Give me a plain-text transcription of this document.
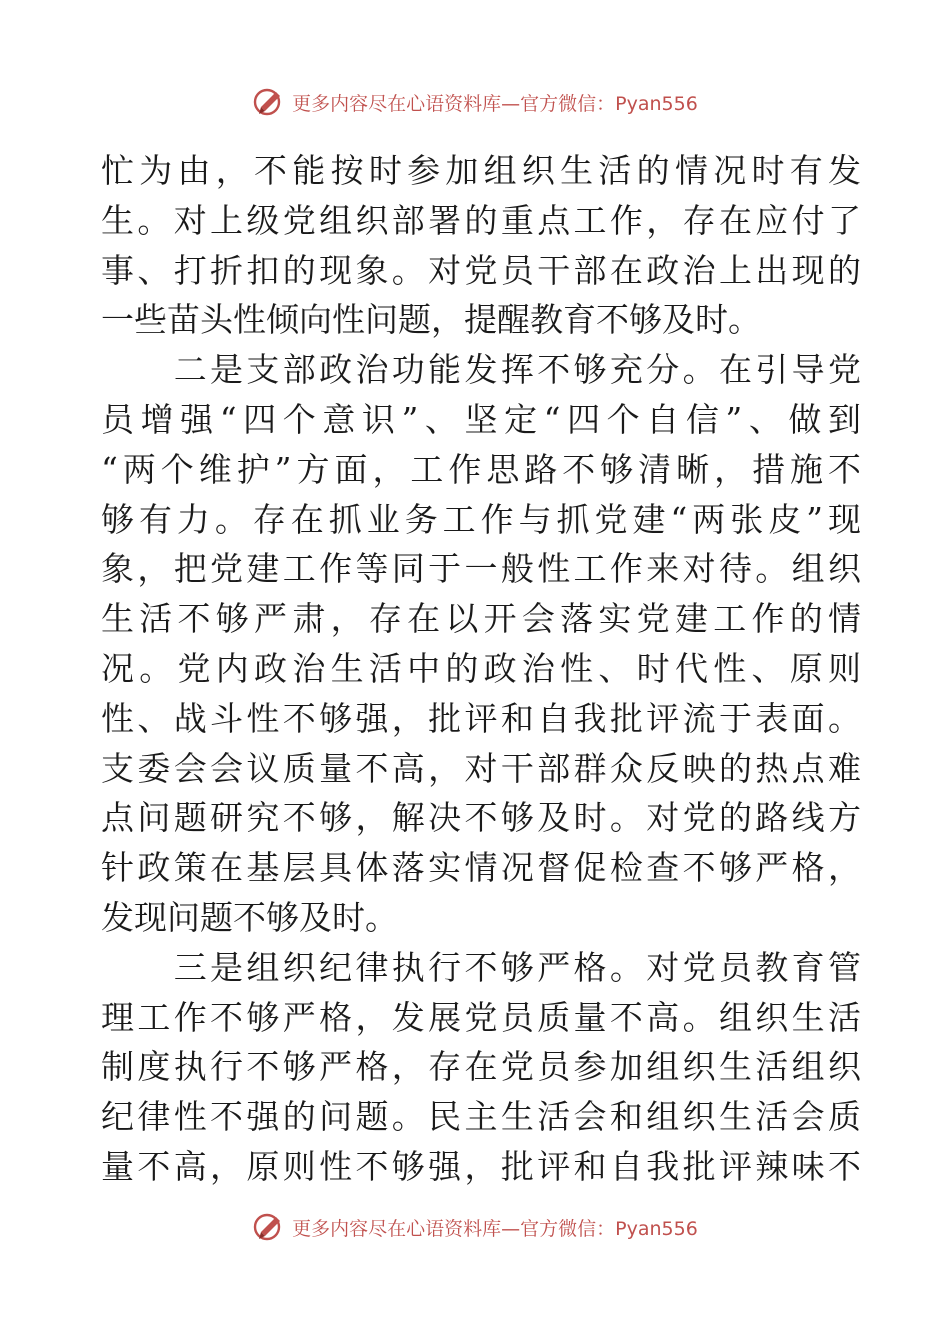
更多内容尽在心语资料库—官方微信：Pyan556
忙为由，不能按时参加组织生活的情况时有发
生。对上级党组织部署的重点工作，存在应付了
事、打折扣的现象。对党员干部在政治上出现的
一些苗头性倾向性问题，提醒教育不够及时。
　　二是支部政治功能发挥不够充分。在引导党
员增强“四个意识”、坚定“四个自信”、做到
“两个维护”方面，工作思路不够清晰，措施不
够有力。存在抓业务工作与抓党建“两张皮”现
象，把党建工作等同于一般性工作来对待。组织
生活不够严肃，存在以开会落实党建工作的情
况。党内政治生活中的政治性、时代性、原则
性、战斗性不够强，批评和自我批评流于表面。
支委会会议质量不高，对干部群众反映的热点难
点问题研究不够，解决不够及时。对党的路线方
针政策在基层具体落实情况督促检查不够严格，
发现问题不够及时。
　　三是组织纪律执行不够严格。对党员教育管
理工作不够严格，发展党员质量不高。组织生活
制度执行不够严格，存在党员参加组织生活组织
纪律性不强的问题。民主生活会和组织生活会质
量不高，原则性不够强，批评和自我批评辣味不
更多内容尽在心语资料库—官方微信：Pyan556
